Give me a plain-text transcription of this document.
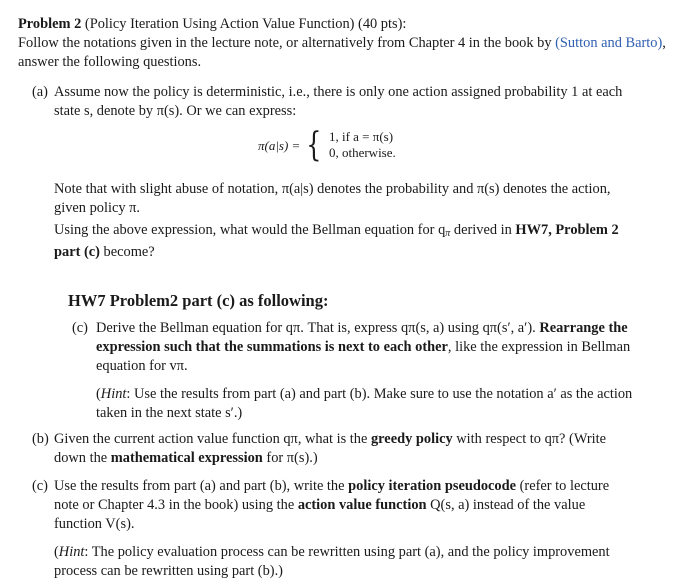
Problem 2 (Policy Iteration Using Action Value Function) (40 pts):
Follow the notations given in the lecture note, or alternatively from Chapter 4 in the book by (Sutton and Barto), answer the following questions.
(a) Assume now the policy is deterministic, i.e., there is only one action assigned probability 1 at each
state s, denote by π(s). Or we can express:
π(a|s) = { 1, if a = π(s)
0, otherwise.
Note that with slight abuse of notation, π(a|s) denotes the probability and π(s) denotes the action,
given policy π.
Using the above expression, what would the Bellman equation for $q_\pi$ derived in HW7, Problem 2
part (c) become?
HW7 Problem2 part (c) as following:
(c) Derive the Bellman equation for qπ. That is, express qπ(s, a) using qπ(s′, a′). Rearrange the
expression such that the summations is next to each other, like the expression in Bellman
equation for vπ.
(Hint: Use the results from part (a) and part (b). Make sure to use the notation a′ as the action
taken in the next state s′.)
(b) Given the current action value function qπ, what is the greedy policy with respect to qπ? (Write
down the mathematical expression for π(s).)
(c) Use the results from part (a) and part (b), write the policy iteration pseudocode (refer to lecture
note or Chapter 4.3 in the book) using the action value function Q(s, a) instead of the value
function V(s).
(Hint: The policy evaluation process can be rewritten using part (a), and the policy improvement
process can be rewritten using part (b).)
